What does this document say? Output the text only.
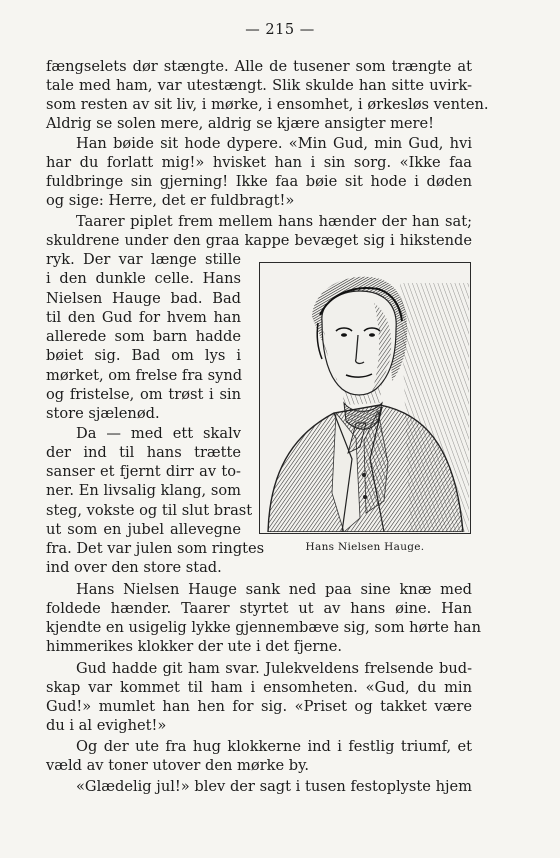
— 215 —
fængselets dør stængte. Alle de tusener som trængte at
tale med ham, var utestængt. Slik skulde han sitte uvirk-
som resten av sit liv, i mørke, i ensomhet, i ørkesløs venten.
Aldrig se solen mere, aldrig se kjære ansigter mere!
Han bøide sit hode dypere. «Min Gud, min Gud, hvi
har du forlatt mig!» hvisket han i sin sorg. «Ikke faa
fuldbringe sin gjerning! Ikke faa bøie sit hode i døden
og sige: Herre, det er fuldbragt!»
Taarer piplet frem mellem hans hænder der han sat;
skuldrene under den graa kappe bevæget sig i hikstende
ryk. Der var længe stille
i den dunkle celle. Hans
Nielsen Hauge bad. Bad
til den Gud for hvem han
allerede som barn hadde
bøiet sig. Bad om lys i
mørket, om frelse fra synd
og fristelse, om trøst i sin
store sjælenød.
Da — med ett skalv
der ind til hans trætte
sanser et fjernt dirr av to-
ner. En livsalig klang, som
steg, vokste og til slut brast
ut som en jubel allevegne
fra. Det var julen som ringtes
ind over den store stad.
Hans Nielsen Hauge.
Hans Nielsen Hauge sank ned paa sine knæ med
foldede hænder. Taarer styrtet ut av hans øine. Han
kjendte en usigelig lykke gjennembæve sig, som hørte han
himmerikes klokker der ute i det fjerne.
Gud hadde git ham svar. Julekveldens frelsende bud-
skap var kommet til ham i ensomheten. «Gud, du min
Gud!» mumlet han hen for sig. «Priset og takket være
du i al evighet!»
Og der ute fra hug klokkerne ind i festlig triumf, et
væld av toner utover den mørke by.
«Glædelig jul!» blev der sagt i tusen festoplyste hjem
